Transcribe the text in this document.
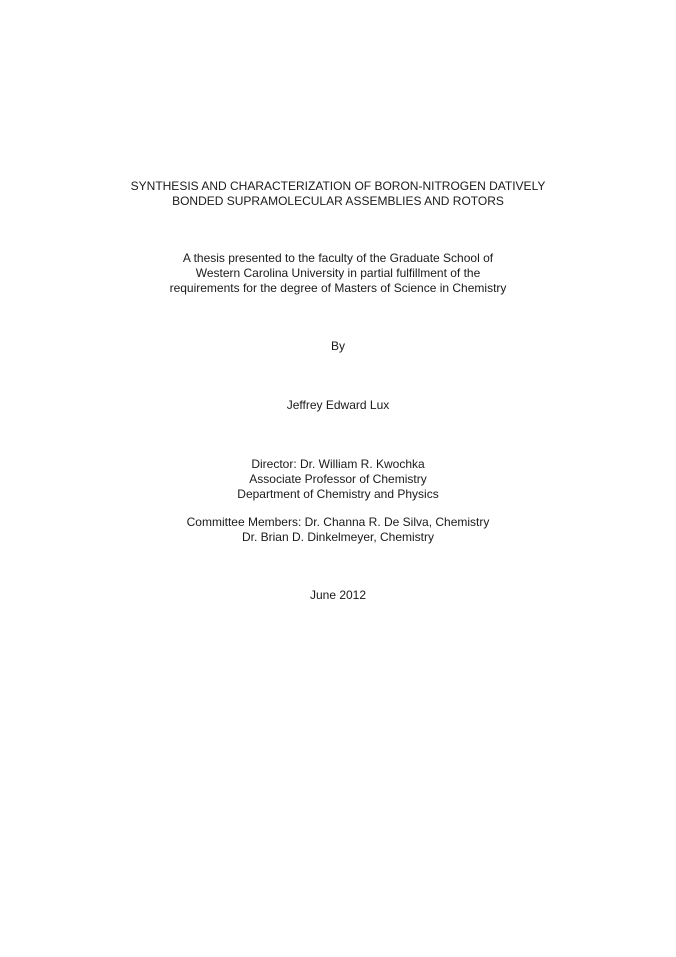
SYNTHESIS AND CHARACTERIZATION OF BORON-NITROGEN DATIVELY
BONDED SUPRAMOLECULAR ASSEMBLIES AND ROTORS
A thesis presented to the faculty of the Graduate School of
Western Carolina University in partial fulfillment of the
requirements for the degree of Masters of Science in Chemistry
By
Jeffrey Edward Lux
Director: Dr. William R. Kwochka
Associate Professor of Chemistry
Department of Chemistry and Physics
Committee Members: Dr. Channa R. De Silva, Chemistry
Dr. Brian D. Dinkelmeyer, Chemistry
June 2012
